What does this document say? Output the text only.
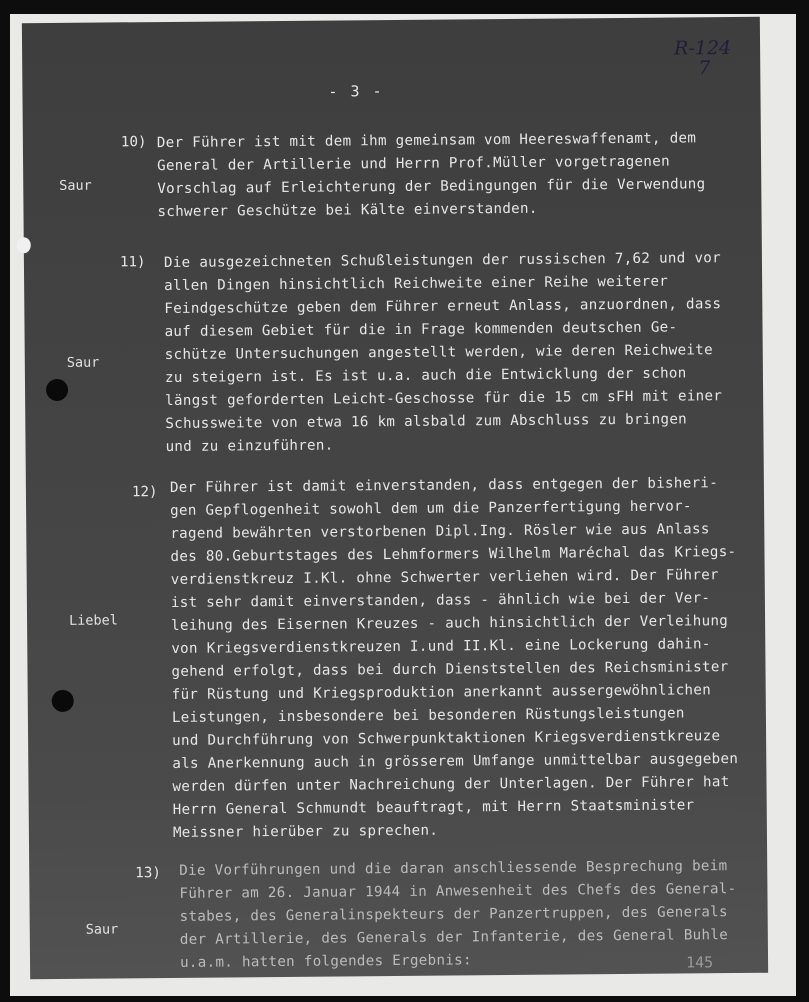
- 3 -
R-124
7
10)
Saur
Der Führer ist mit dem ihm gemeinsam vom Heereswaffenamt, dem
General der Artillerie und Herrn Prof.Müller vorgetragenen
Vorschlag auf Erleichterung der Bedingungen für die Verwendung
schwerer Geschütze bei Kälte einverstanden.
11)
Saur
Die ausgezeichneten Schußleistungen der russischen 7,62 und vor
allen Dingen hinsichtlich Reichweite einer Reihe weiterer
Feindgeschütze geben dem Führer erneut Anlass, anzuordnen, dass
auf diesem Gebiet für die in Frage kommenden deutschen Ge-
schütze Untersuchungen angestellt werden, wie deren Reichweite
zu steigern ist. Es ist u.a. auch die Entwicklung der schon
längst geforderten Leicht-Geschosse für die 15 cm sFH mit einer
Schussweite von etwa 16 km alsbald zum Abschluss zu bringen
und zu einzuführen.
12)
Liebel
Der Führer ist damit einverstanden, dass entgegen der bisheri-
gen Gepflogenheit sowohl dem um die Panzerfertigung hervor-
ragend bewährten verstorbenen Dipl.Ing. Rösler wie aus Anlass
des 80.Geburtstages des Lehmformers Wilhelm Maréchal das Kriegs-
verdienstkreuz I.Kl. ohne Schwerter verliehen wird. Der Führer
ist sehr damit einverstanden, dass - ähnlich wie bei der Ver-
leihung des Eisernen Kreuzes - auch hinsichtlich der Verleihung
von Kriegsverdienstkreuzen I.und II.Kl. eine Lockerung dahin-
gehend erfolgt, dass bei durch Dienststellen des Reichsminister
für Rüstung und Kriegsproduktion anerkannt aussergewöhnlichen
Leistungen, insbesondere bei besonderen Rüstungsleistungen
und Durchführung von Schwerpunktaktionen Kriegsverdienstkreuze
als Anerkennung auch in grösserem Umfange unmittelbar ausgegeben
werden dürfen unter Nachreichung der Unterlagen. Der Führer hat
Herrn General Schmundt beauftragt, mit Herrn Staatsminister
Meissner hierüber zu sprechen.
13)
Saur
Die Vorführungen und die daran anschliessende Besprechung beim
Führer am 26. Januar 1944 in Anwesenheit des Chefs des General-
stabes, des Generalinspekteurs der Panzertruppen, des Generals
der Artillerie, des Generals der Infanterie, des General Buhle
u.a.m. hatten folgendes Ergebnis:	145
